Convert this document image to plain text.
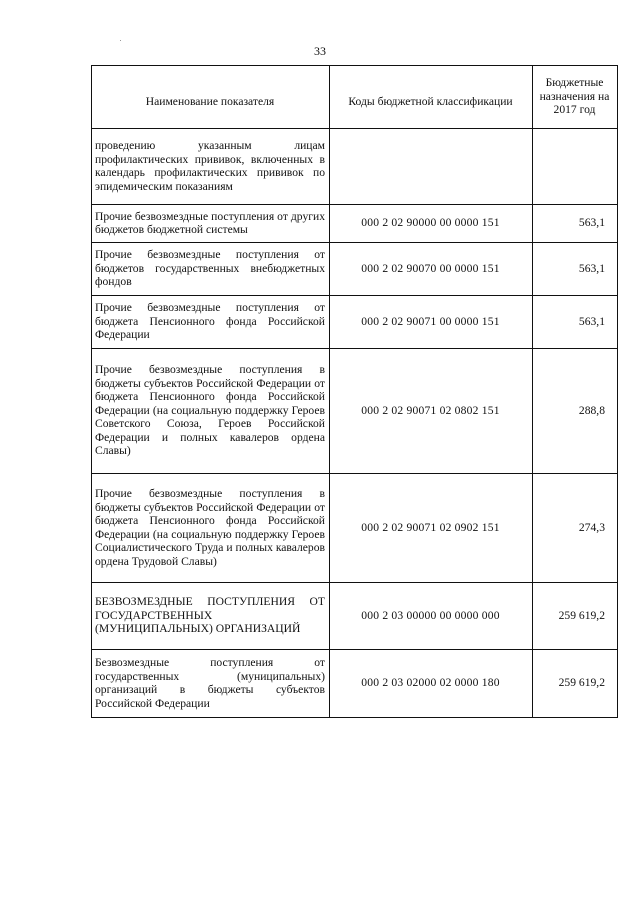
33
Наименование показателя	Коды бюджетной классификации	Бюджетные назначения на 2017 год
проведению указанным лицам профилактических прививок, включенных в календарь профилактических прививок по эпидемическим показаниям		
Прочие безвозмездные поступления от других бюджетов бюджетной системы	000 2 02 90000 00 0000 151	563,1
Прочие безвозмездные поступления от бюджетов государственных внебюджетных фондов	000 2 02 90070 00 0000 151	563,1
Прочие безвозмездные поступления от бюджета Пенсионного фонда Российской Федерации	000 2 02 90071 00 0000 151	563,1
Прочие безвозмездные поступления в бюджеты субъектов Российской Федерации от бюджета Пенсионного фонда Российской Федерации (на социальную поддержку Героев Советского Союза, Героев Российской Федерации и полных кавалеров ордена Славы)	000 2 02 90071 02 0802 151	288,8
Прочие безвозмездные поступления в бюджеты субъектов Российской Федерации от бюджета Пенсионного фонда Российской Федерации (на социальную поддержку Героев Социалистического Труда и полных кавалеров ордена Трудовой Славы)	000 2 02 90071 02 0902 151	274,3
БЕЗВОЗМЕЗДНЫЕ ПОСТУПЛЕНИЯ ОТ ГОСУДАРСТВЕННЫХ (МУНИЦИПАЛЬНЫХ) ОРГАНИЗАЦИЙ	000 2 03 00000 00 0000 000	259 619,2
Безвозмездные поступления от государственных (муниципальных) организаций в бюджеты субъектов Российской Федерации	000 2 03 02000 02 0000 180	259 619,2
